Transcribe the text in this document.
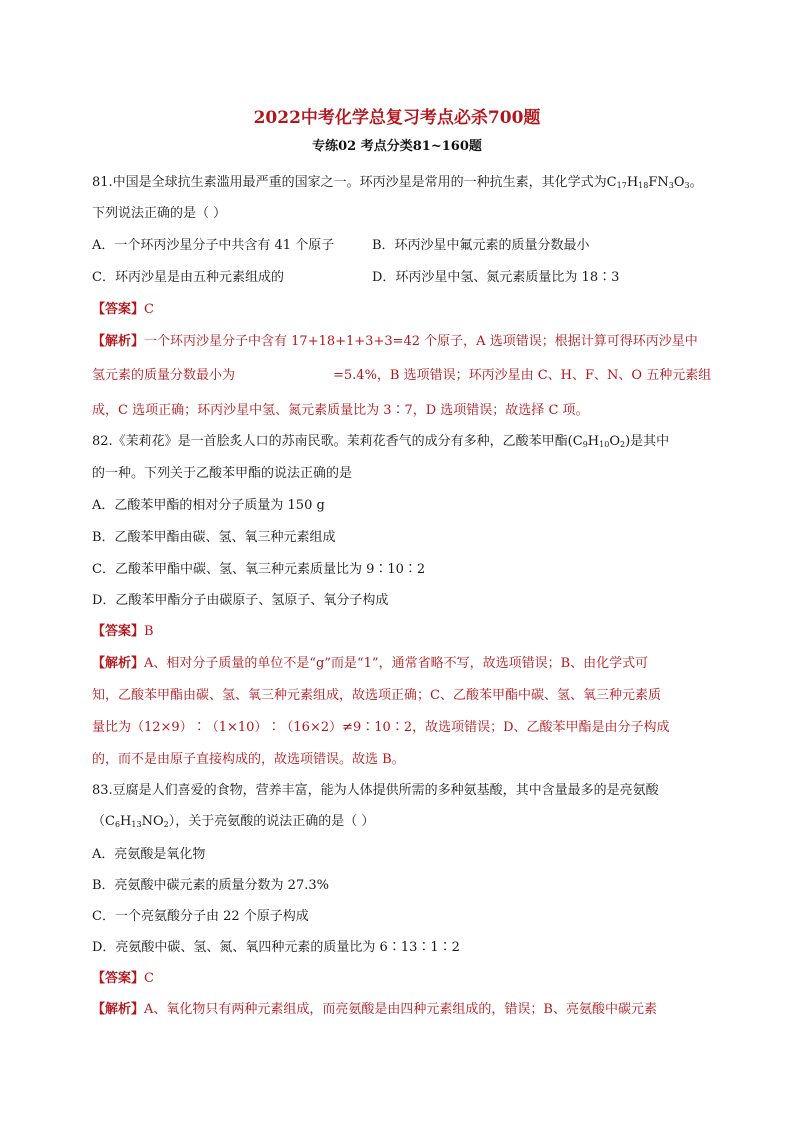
2022中考化学总复习考点必杀700题
专练02 考点分类81~160题
81.中国是全球抗生素滥用最严重的国家之一。环丙沙星是常用的一种抗生素，其化学式为$C_{17}H_{18}FN_3O_3$。
下列说法正确的是（ ）
A．一个环丙沙星分子中共含有 41 个原子	B．环丙沙星中氟元素的质量分数最小
C．环丙沙星是由五种元素组成的	D．环丙沙星中氢、氮元素质量比为 18∶3
【答案】C
【解析】一个环丙沙星分子中含有 17+18+1+3+3=42 个原子，A 选项错误；根据计算可得环丙沙星中
氢元素的质量分数最小为	=5.4%，B 选项错误；环丙沙星由 C、H、F、N、O 五种元素组
成，C 选项正确；环丙沙星中氢、氮元素质量比为 3∶7，D 选项错误；故选择 C 项。
82.《茉莉花》是一首脍炙人口的苏南民歌。茉莉花香气的成分有多种，乙酸苯甲酯$(C_9H_{10}O_2)$是其中
的一种。下列关于乙酸苯甲酯的说法正确的是
A．乙酸苯甲酯的相对分子质量为 150 g
B．乙酸苯甲酯由碳、氢、氧三种元素组成
C．乙酸苯甲酯中碳、氢、氧三种元素质量比为 9∶10∶2
D．乙酸苯甲酯分子由碳原子、氢原子、氧分子构成
【答案】B
【解析】A、相对分子质量的单位不是“g”而是“1”，通常省略不写，故选项错误；B、由化学式可
知，乙酸苯甲酯由碳、氢、氧三种元素组成，故选项正确；C、乙酸苯甲酯中碳、氢、氧三种元素质
量比为（12×9）∶（1×10）∶（16×2）≠9∶10∶2，故选项错误；D、乙酸苯甲酯是由分子构成
的，而不是由原子直接构成的，故选项错误。故选 B。
83.豆腐是人们喜爱的食物，营养丰富，能为人体提供所需的多种氨基酸，其中含量最多的是亮氨酸
$(C_6H_{13}NO_2)$，关于亮氨酸的说法正确的是（ ）
A．亮氨酸是氧化物
B．亮氨酸中碳元素的质量分数为 27.3%
C．一个亮氨酸分子由 22 个原子构成
D．亮氨酸中碳、氢、氮、氧四种元素的质量比为 6∶13∶1∶2
【答案】C
【解析】A、氧化物只有两种元素组成，而亮氨酸是由四种元素组成的，错误；B、亮氨酸中碳元素
